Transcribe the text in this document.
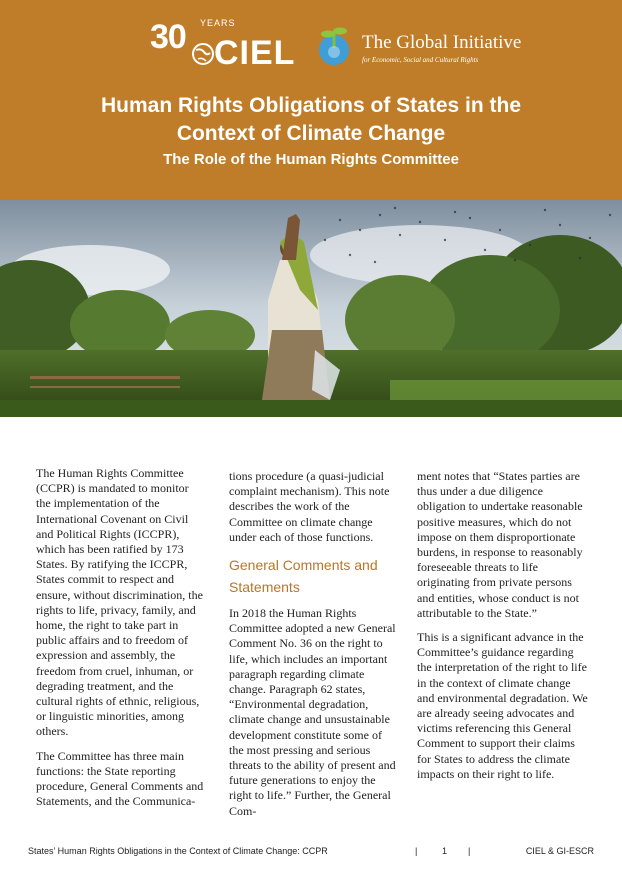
30 YEARS
CIEL	The Global Initiative
for Economic, Social and Cultural Rights
Human Rights Obligations of States in the
Context of Climate Change
The Role of the Human Rights Committee

The Human Rights Committee (CCPR) is mandated to monitor the implementation of the International Covenant on Civil and Political Rights (ICCPR), which has been ratified by 173 States. By ratifying the ICCPR, States commit to respect and ensure, without discrimination, the rights to life, privacy, family, and home, the right to take part in public affairs and to freedom of expression and assembly, the freedom from cruel, inhuman, or degrading treatment, and the cultural rights of ethnic, religious, or linguistic minorities, among others.

The Committee has three main functions: the State reporting procedure, General Comments and Statements, and the Communica-

tions procedure (a quasi-judicial complaint mechanism). This note describes the work of the Committee on climate change under each of those functions.

General Comments and Statements

In 2018 the Human Rights Committee adopted a new General Comment No. 36 on the right to life, which includes an important paragraph regarding climate change. Paragraph 62 states, “Environmental degradation, climate change and unsustainable development constitute some of the most pressing and serious threats to the ability of present and future generations to enjoy the right to life.” Further, the General Com-

ment notes that “States parties are thus under a due diligence obligation to undertake reasonable positive measures, which do not impose on them disproportionate burdens, in response to reasonably foreseeable threats to life originating from private persons and entities, whose conduct is not attributable to the State.”

This is a significant advance in the Committee’s guidance regarding the interpretation of the right to life in the context of climate change and environmental degradation. We are already seeing advocates and victims referencing this General Comment to support their claims for States to address the climate impacts on their right to life.

States’ Human Rights Obligations in the Context of Climate Change: CCPR	|	1 |	CIEL & GI-ESCR
